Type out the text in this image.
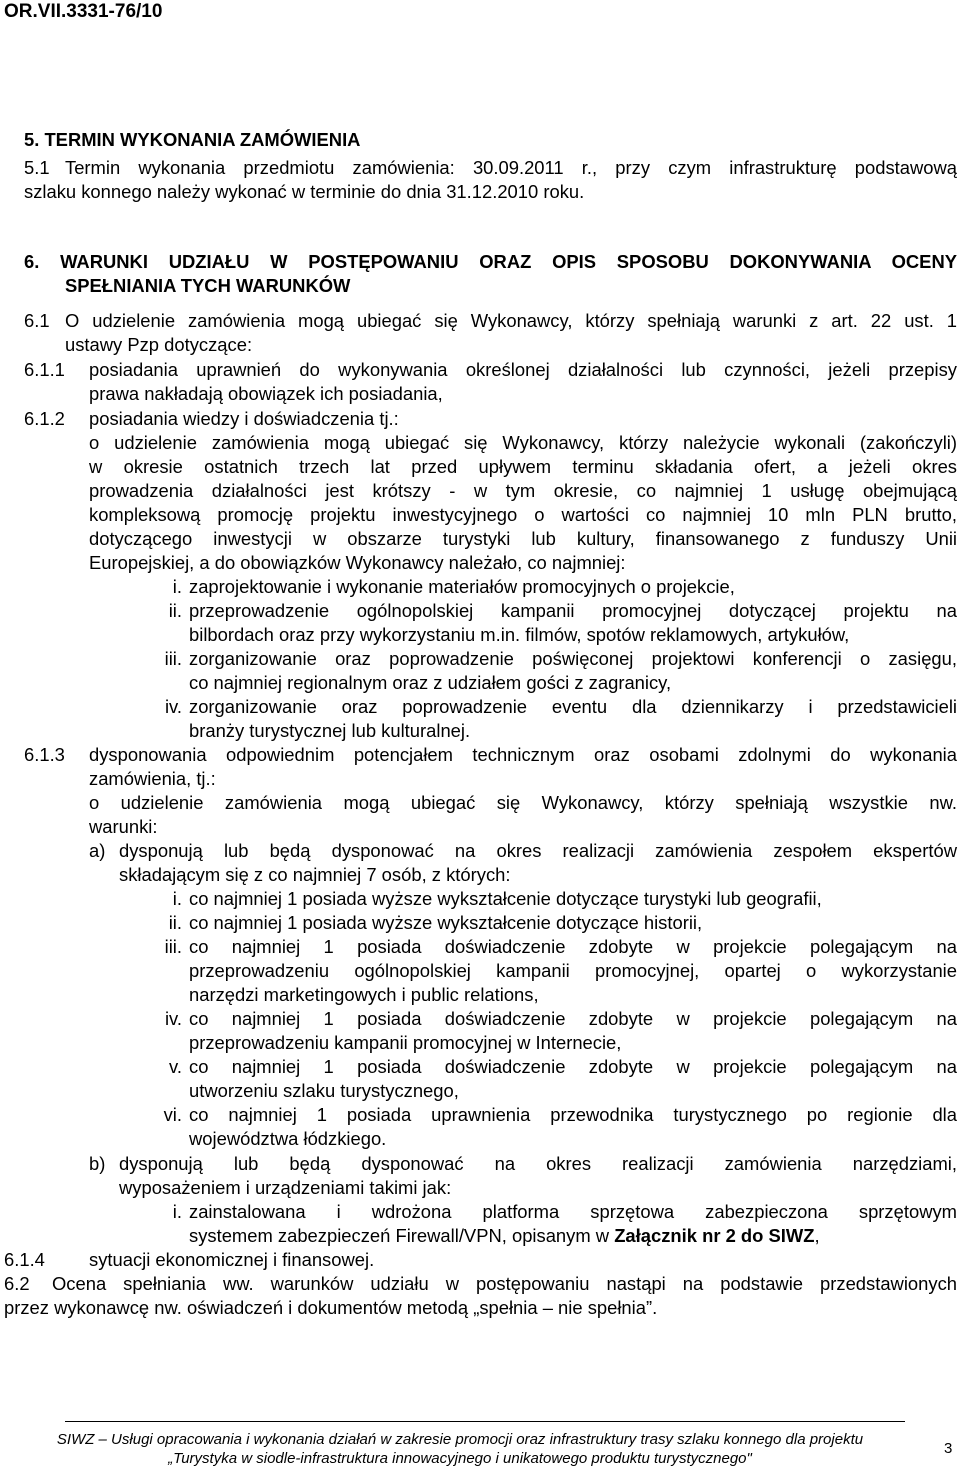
OR.VII.3331-76/10
5. TERMIN WYKONANIA ZAMÓWIENIA
5.1 Termin wykonania przedmiotu zamówienia: 30.09.2011 r., przy czym infrastrukturę podstawową
szlaku konnego należy wykonać w terminie do dnia 31.12.2010 roku.
6. WARUNKI UDZIAŁU W POSTĘPOWANIU ORAZ OPIS SPOSOBU DOKONYWANIA OCENY
SPEŁNIANIA TYCH WARUNKÓW
6.1 O udzielenie zamówienia mogą ubiegać się Wykonawcy, którzy spełniają warunki z art. 22 ust. 1
ustawy Pzp dotyczące:
6.1.1 posiadania uprawnień do wykonywania określonej działalności lub czynności, jeżeli przepisy
prawa nakładają obowiązek ich posiadania,
6.1.2 posiadania wiedzy i doświadczenia tj.:
o udzielenie zamówienia mogą ubiegać się Wykonawcy, którzy należycie wykonali (zakończyli)
w okresie ostatnich trzech lat przed upływem terminu składania ofert, a jeżeli okres
prowadzenia działalności jest krótszy - w tym okresie, co najmniej 1 usługę obejmującą
kompleksową promocję projektu inwestycyjnego o wartości co najmniej 10 mln PLN brutto,
dotyczącego inwestycji w obszarze turystyki lub kultury, finansowanego z funduszy Unii
Europejskiej, a do obowiązków Wykonawcy należało, co najmniej:
i. zaprojektowanie i wykonanie materiałów promocyjnych o projekcie,
ii. przeprowadzenie ogólnopolskiej kampanii promocyjnej dotyczącej projektu na
bilbordach oraz przy wykorzystaniu m.in. filmów, spotów reklamowych, artykułów,
iii. zorganizowanie oraz poprowadzenie poświęconej projektowi konferencji o zasięgu,
co najmniej regionalnym oraz z udziałem gości z zagranicy,
iv. zorganizowanie oraz poprowadzenie eventu dla dziennikarzy i przedstawicieli
branży turystycznej lub kulturalnej.
6.1.3 dysponowania odpowiednim potencjałem technicznym oraz osobami zdolnymi do wykonania
zamówienia, tj.:
o udzielenie zamówienia mogą ubiegać się Wykonawcy, którzy spełniają wszystkie nw.
warunki:
a) dysponują lub będą dysponować na okres realizacji zamówienia zespołem ekspertów
składającym się z co najmniej 7 osób, z których:
i. co najmniej 1 posiada wyższe wykształcenie dotyczące turystyki lub geografii,
ii. co najmniej 1 posiada wyższe wykształcenie dotyczące historii,
iii. co najmniej 1 posiada doświadczenie zdobyte w projekcie polegającym na
przeprowadzeniu ogólnopolskiej kampanii promocyjnej, opartej o wykorzystanie
narzędzi marketingowych i public relations,
iv. co najmniej 1 posiada doświadczenie zdobyte w projekcie polegającym na
przeprowadzeniu kampanii promocyjnej w Internecie,
v. co najmniej 1 posiada doświadczenie zdobyte w projekcie polegającym na
utworzeniu szlaku turystycznego,
vi. co najmniej 1 posiada uprawnienia przewodnika turystycznego po regionie dla
województwa łódzkiego.
b) dysponują lub będą dysponować na okres realizacji zamówienia narzędziami,
wyposażeniem i urządzeniami takimi jak:
i. zainstalowana i wdrożona platforma sprzętowa zabezpieczona sprzętowym
systemem zabezpieczeń Firewall/VPN, opisanym w Załącznik nr 2 do SIWZ,
6.1.4 sytuacji ekonomicznej i finansowej.
6.2 Ocena spełniania ww. warunków udziału w postępowaniu nastąpi na podstawie przedstawionych
przez wykonawcę nw. oświadczeń i dokumentów metodą „spełnia – nie spełnia”.
SIWZ – Usługi opracowania i wykonania działań w zakresie promocji oraz infrastruktury trasy szlaku konnego dla projektu
„Turystyka w siodle-infrastruktura innowacyjnego i unikatowego produktu turystycznego"
3
